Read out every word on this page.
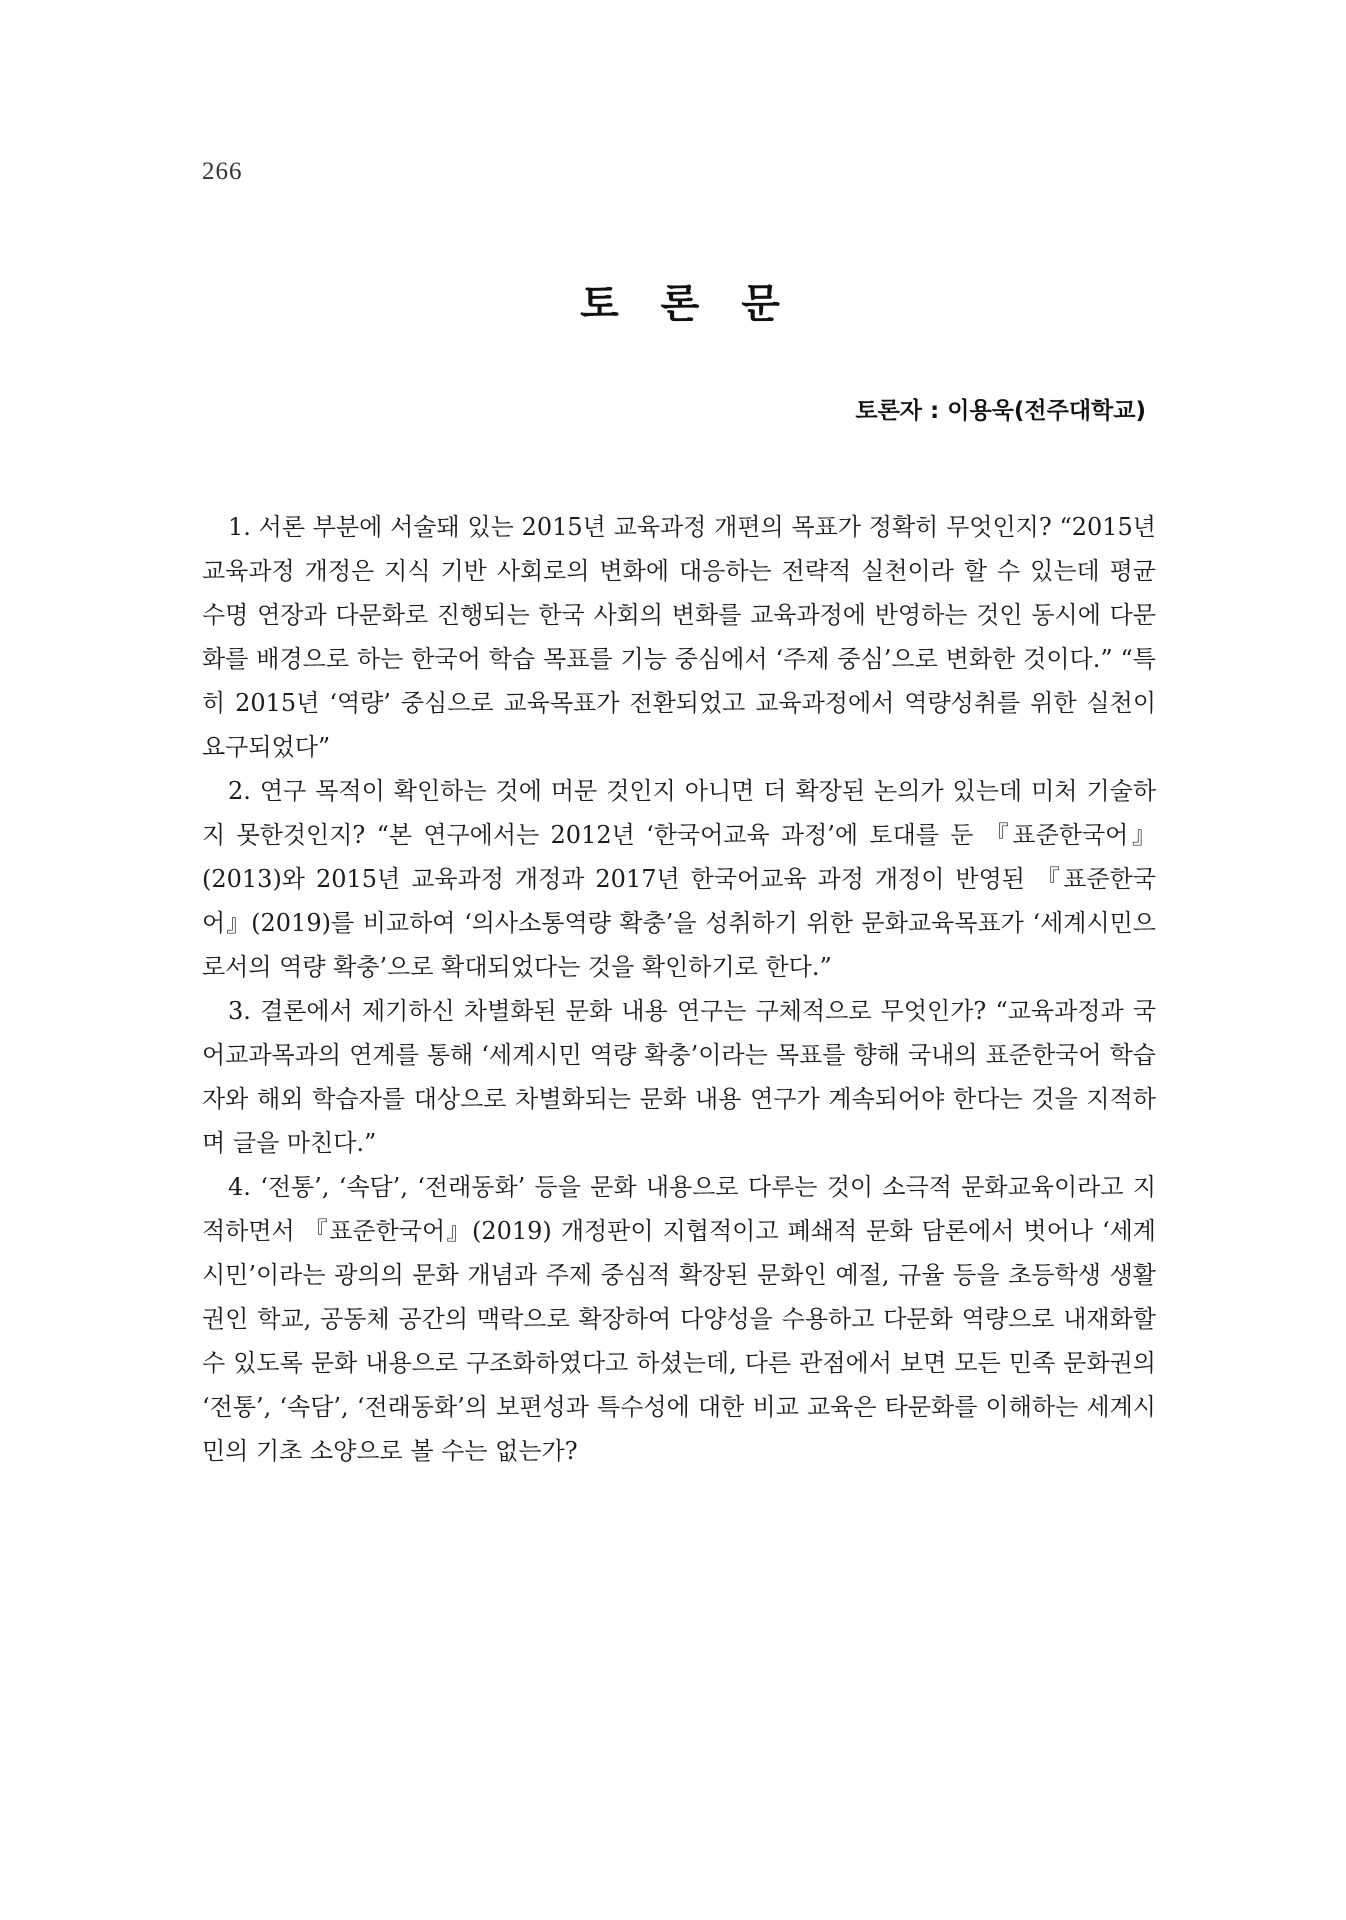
266
토 론 문
토론자 : 이용욱(전주대학교)

1. 서론 부분에 서술돼 있는 2015년 교육과정 개편의 목표가 정확히 무엇인지? “2015년 교육과정 개정은 지식 기반 사회로의 변화에 대응하는 전략적 실천이라 할 수 있는데 평균 수명 연장과 다문화로 진행되는 한국 사회의 변화를 교육과정에 반영하는 것인 동시에 다문화를 배경으로 하는 한국어 학습 목표를 기능 중심에서 ‘주제 중심’으로 변화한 것이다.” “특히 2015년 ‘역량’ 중심으로 교육목표가 전환되었고 교육과정에서 역량성취를 위한 실천이 요구되었다”

2. 연구 목적이 확인하는 것에 머문 것인지 아니면 더 확장된 논의가 있는데 미처 기술하지 못한것인지? “본 연구에서는 2012년 ‘한국어교육 과정’에 토대를 둔 『표준한국어』(2013)와 2015년 교육과정 개정과 2017년 한국어교육 과정 개정이 반영된 『표준한국어』(2019)를 비교하여 ‘의사소통역량 확충’을 성취하기 위한 문화교육목표가 ‘세계시민으로서의 역량 확충’으로 확대되었다는 것을 확인하기로 한다.”

3. 결론에서 제기하신 차별화된 문화 내용 연구는 구체적으로 무엇인가? “교육과정과 국어교과목과의 연계를 통해 ‘세계시민 역량 확충’이라는 목표를 향해 국내의 표준한국어 학습자와 해외 학습자를 대상으로 차별화되는 문화 내용 연구가 계속되어야 한다는 것을 지적하며 글을 마친다.”

4. ‘전통’, ‘속담’, ‘전래동화’ 등을 문화 내용으로 다루는 것이 소극적 문화교육이라고 지적하면서 『표준한국어』(2019) 개정판이 지협적이고 폐쇄적 문화 담론에서 벗어나 ‘세계시민’이라는 광의의 문화 개념과 주제 중심적 확장된 문화인 예절, 규율 등을 초등학생 생활권인 학교, 공동체 공간의 맥락으로 확장하여 다양성을 수용하고 다문화 역량으로 내재화할 수 있도록 문화 내용으로 구조화하였다고 하셨는데, 다른 관점에서 보면 모든 민족 문화권의 ‘전통’, ‘속담’, ‘전래동화’의 보편성과 특수성에 대한 비교 교육은 타문화를 이해하는 세계시민의 기초 소양으로 볼 수는 없는가?
